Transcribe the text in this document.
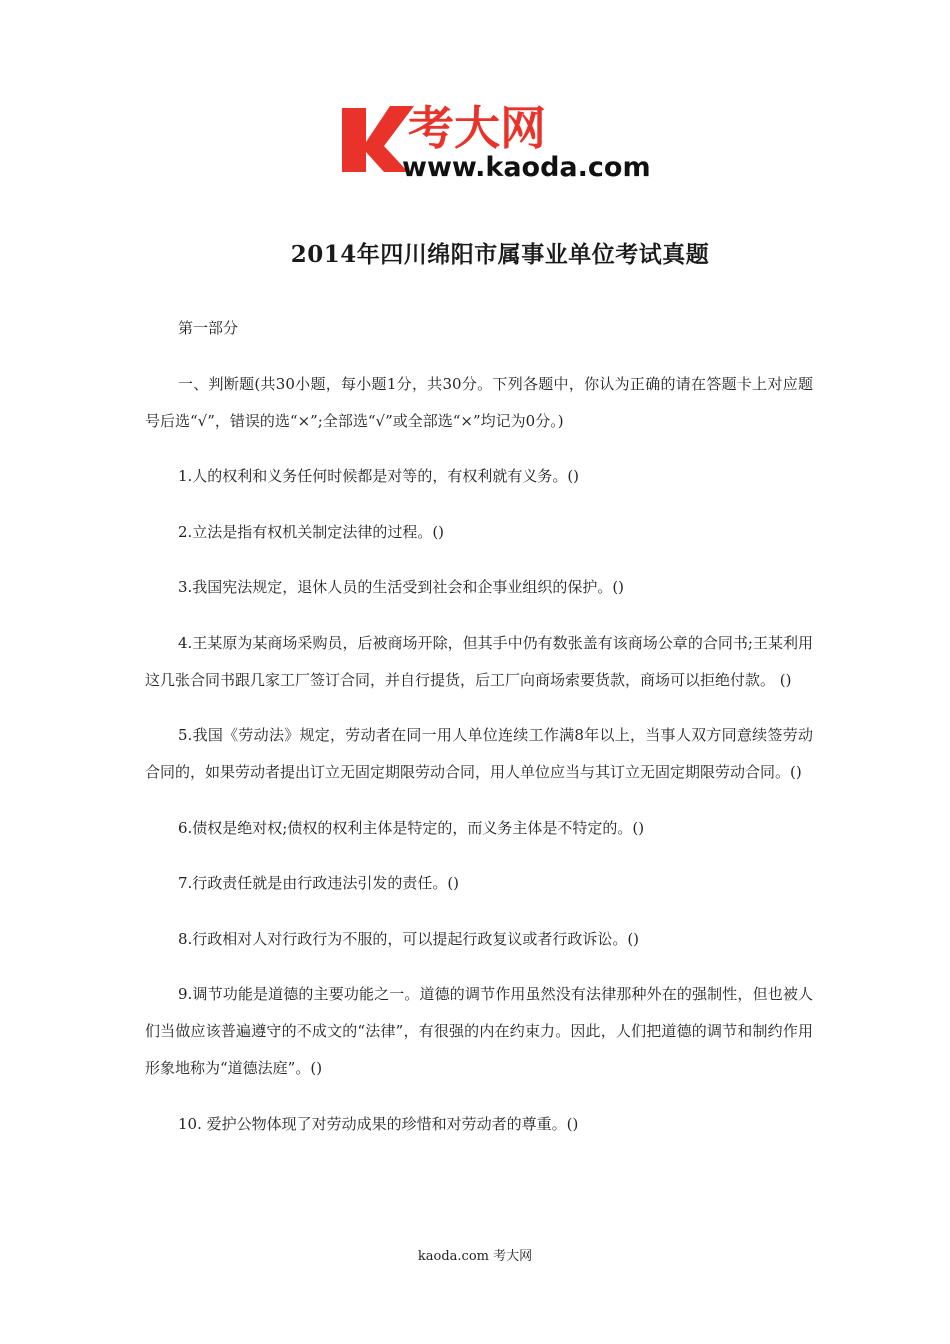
考大网
www.kaoda.com
2014年四川绵阳市属事业单位考试真题

第一部分

一、判断题(共30小题，每小题1分，共30分。下列各题中，你认为正确的请在答题卡上对应题号后选“√”，错误的选“×”;全部选“√”或全部选“×”均记为0分。)

1.人的权利和义务任何时候都是对等的，有权利就有义务。()

2.立法是指有权机关制定法律的过程。()

3.我国宪法规定，退休人员的生活受到社会和企事业组织的保护。()

4.王某原为某商场采购员，后被商场开除，但其手中仍有数张盖有该商场公章的合同书;王某利用这几张合同书跟几家工厂签订合同，并自行提货，后工厂向商场索要货款，商场可以拒绝付款。 ()

5.我国《劳动法》规定，劳动者在同一用人单位连续工作满8年以上，当事人双方同意续签劳动合同的，如果劳动者提出订立无固定期限劳动合同，用人单位应当与其订立无固定期限劳动合同。()

6.债权是绝对权;债权的权利主体是特定的，而义务主体是不特定的。()

7.行政责任就是由行政违法引发的责任。()

8.行政相对人对行政行为不服的，可以提起行政复议或者行政诉讼。()

9.调节功能是道德的主要功能之一。道德的调节作用虽然没有法律那种外在的强制性，但也被人们当做应该普遍遵守的不成文的“法律”，有很强的内在约束力。因此，人们把道德的调节和制约作用形象地称为“道德法庭”。()

10. 爱护公物体现了对劳动成果的珍惜和对劳动者的尊重。()

kaoda.com 考大网
